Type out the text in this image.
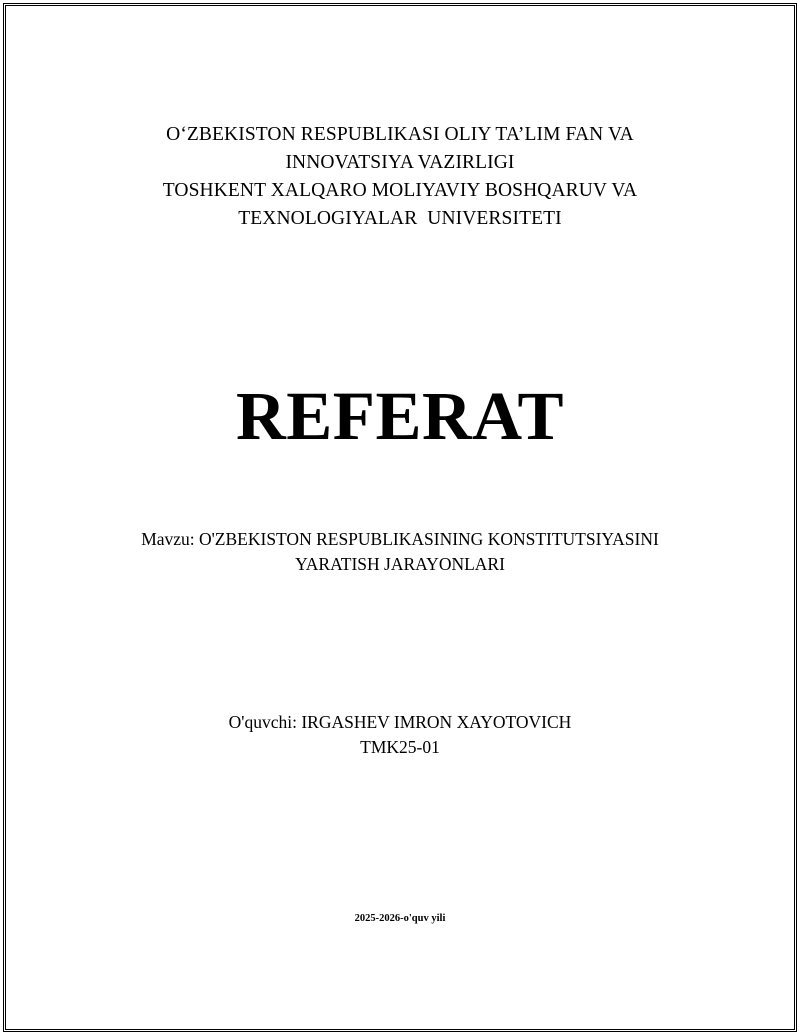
O‘ZBEKISTON RESPUBLIKASI OLIY TA’LIM FAN VA
INNOVATSIYA VAZIRLIGI
TOSHKENT XALQARO MOLIYAVIY BOSHQARUV VA
TEXNOLOGIYALAR  UNIVERSITETI
REFERAT
Mavzu: O'ZBEKISTON RESPUBLIKASINING KONSTITUTSIYASINI
YARATISH JARAYONLARI
O'quvchi: IRGASHEV IMRON XAYOTOVICH
TMK25-01
2025-2026-o'quv yili
